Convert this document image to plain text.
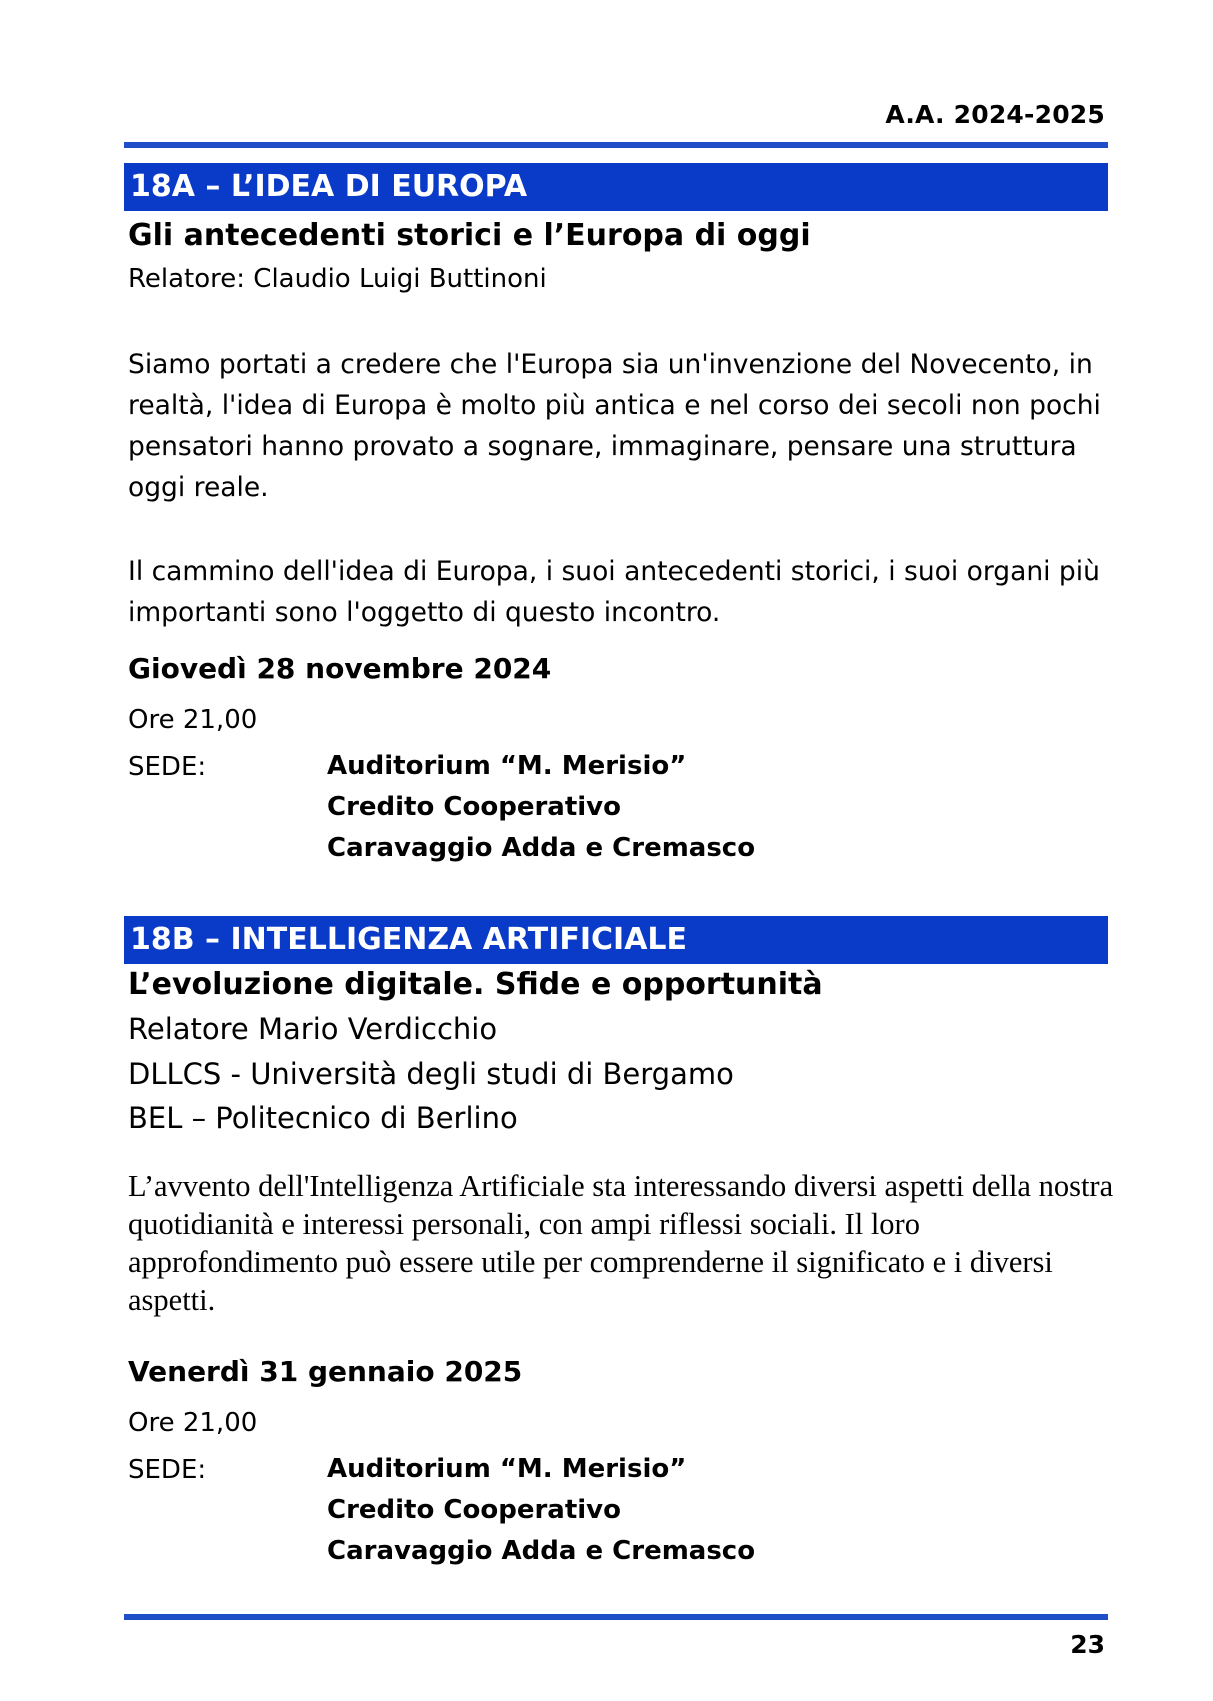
A.A. 2024-2025
18A – L’IDEA DI EUROPA
Gli antecedenti storici e l’Europa di oggi
Relatore: Claudio Luigi Buttinoni
Siamo portati a credere che l'Europa sia un'invenzione del Novecento, in realtà, l'idea di Europa è molto più antica e nel corso dei secoli non pochi pensatori hanno provato a sognare, immaginare, pensare una struttura oggi reale.
Il cammino dell'idea di Europa, i suoi antecedenti storici, i suoi organi più importanti sono l'oggetto di questo incontro.
Giovedì 28 novembre 2024
Ore 21,00
SEDE:	Auditorium “M. Merisio”
Credito Cooperativo
Caravaggio Adda e Cremasco
18B – INTELLIGENZA ARTIFICIALE
L’evoluzione digitale. Sfide e opportunità
Relatore Mario Verdicchio
DLLCS - Università degli studi di Bergamo
BEL – Politecnico di Berlino
L’avvento dell'Intelligenza Artificiale sta interessando diversi aspetti della nostra quotidianità e interessi personali, con ampi riflessi sociali. Il loro approfondimento può essere utile per comprenderne il significato e i diversi aspetti.
Venerdì 31 gennaio 2025
Ore 21,00
SEDE:	Auditorium “M. Merisio”
Credito Cooperativo
Caravaggio Adda e Cremasco
23
